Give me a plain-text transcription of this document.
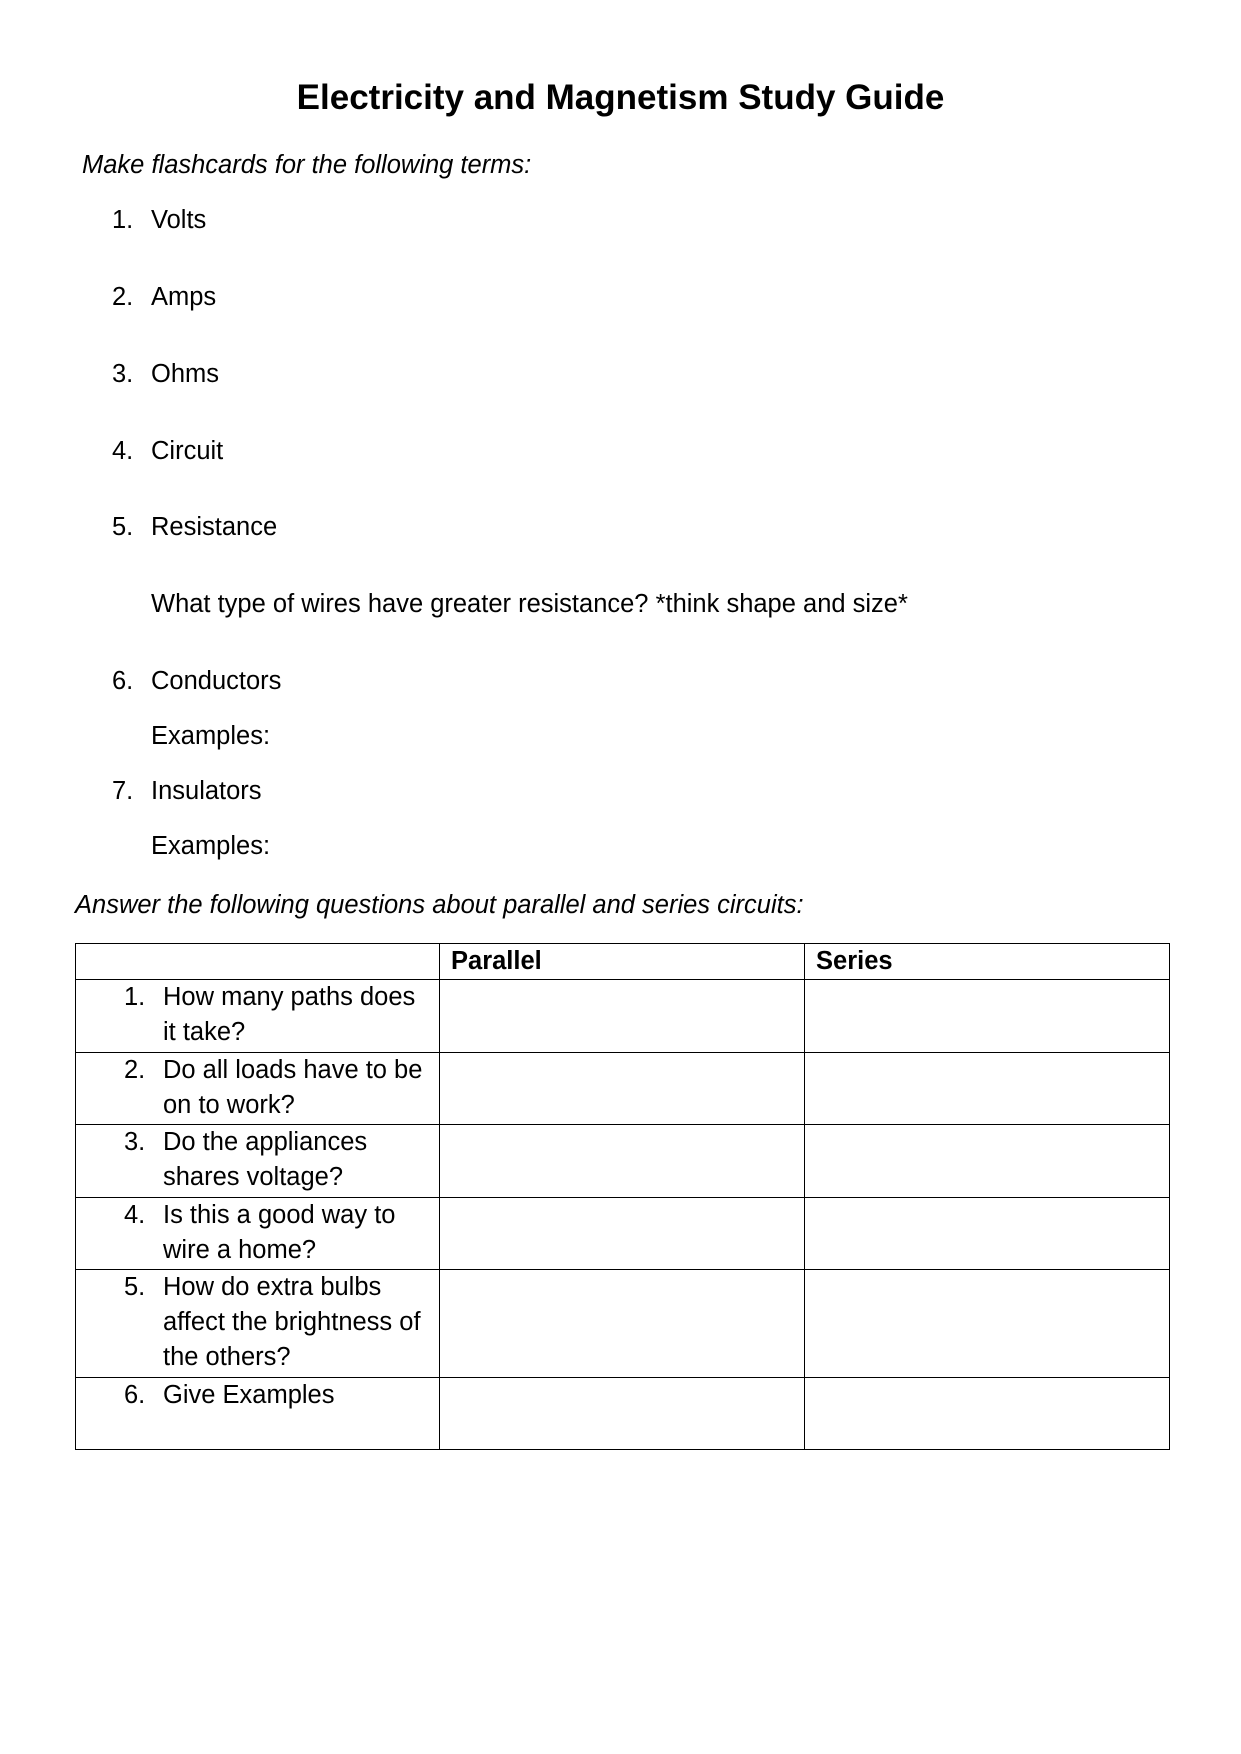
Electricity and Magnetism Study Guide
Make flashcards for the following terms:
1. Volts
2. Amps
3. Ohms
4. Circuit
5. Resistance
What type of wires have greater resistance? *think shape and size*
6. Conductors
Examples:
7. Insulators
Examples:
Answer the following questions about parallel and series circuits:
	Parallel	Series

1. How many paths does it take?		

2. Do all loads have to be on to work?		

3. Do the appliances shares voltage?		

4. Is this a good way to wire a home?		

5. How do extra bulbs affect the brightness of the others?		

6. Give Examples		
